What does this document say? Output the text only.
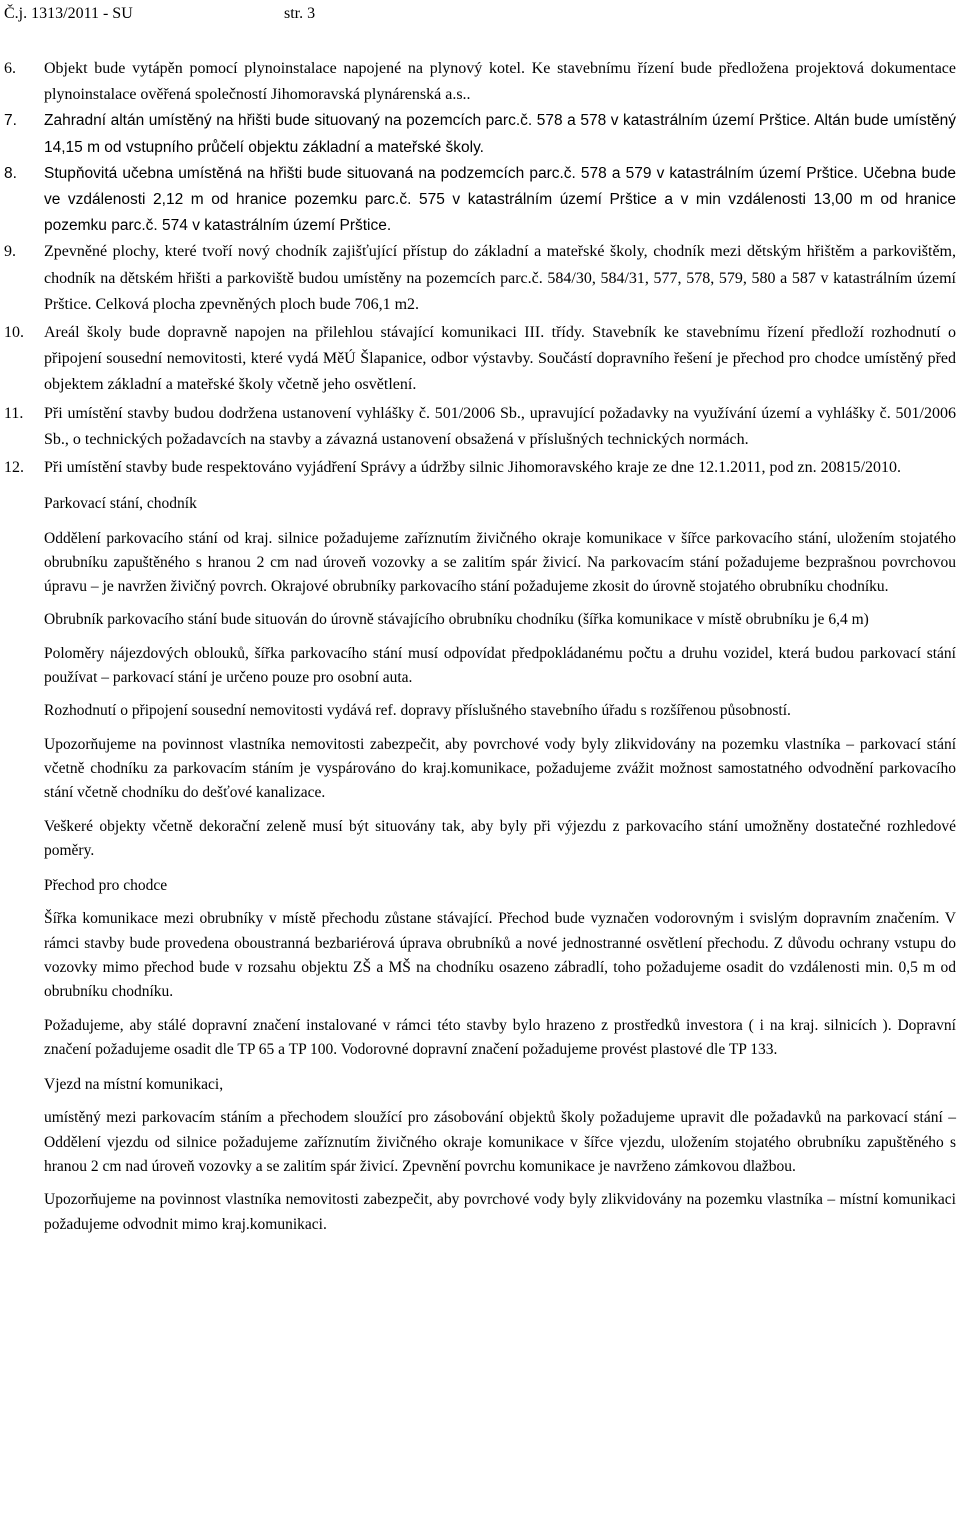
Č.j. 1313/2011 - SU	str. 3
6.	Objekt bude vytápěn pomocí plynoinstalace napojené na plynový kotel. Ke stavebnímu řízení bude předložena projektová dokumentace plynoinstalace ověřená společností Jihomoravská plynárenská a.s..
7.	Zahradní altán umístěný na hřišti bude situovaný na pozemcích parc.č. 578 a 578 v katastrálním území Prštice. Altán bude umístěný 14,15 m od vstupního průčelí objektu základní a mateřské školy.
8.	Stupňovitá učebna umístěná na hřišti bude situovaná na podzemcích parc.č. 578 a 579 v katastrálním území Prštice. Učebna bude ve vzdálenosti 2,12 m od hranice pozemku parc.č. 575 v katastrálním území Prštice a v min vzdálenosti 13,00 m od hranice pozemku parc.č. 574 v katastrálním území Prštice.
9.	Zpevněné plochy, které tvoří nový chodník zajišťující přístup do základní a mateřské školy, chodník mezi dětským hřištěm a parkovištěm, chodník na dětském hřišti a parkoviště budou umístěny na pozemcích parc.č. 584/30, 584/31, 577, 578, 579, 580 a 587 v katastrálním území Prštice. Celková plocha zpevněných ploch bude 706,1 m2.
10.	Areál školy bude dopravně napojen na přilehlou stávající komunikaci III. třídy. Stavebník ke stavebnímu řízení předloží rozhodnutí o připojení sousední nemovitosti, které vydá MěÚ Šlapanice, odbor výstavby. Součástí dopravního řešení je přechod pro chodce umístěný před objektem základní a mateřské školy včetně jeho osvětlení.
11.	Při umístění stavby budou dodržena ustanovení vyhlášky č. 501/2006 Sb., upravující požadavky na využívání území a vyhlášky č. 501/2006 Sb., o technických požadavcích na stavby a závazná ustanovení obsažená v příslušných technických normách.
12.	Při umístění stavby bude respektováno vyjádření Správy a údržby silnic Jihomoravského kraje ze dne 12.1.2011, pod zn. 20815/2010.

Parkovací stání, chodník

Oddělení parkovacího stání od kraj. silnice požadujeme zaříznutím živičného okraje komunikace v šířce parkovacího stání, uložením stojatého obrubníku zapuštěného s hranou 2 cm nad úroveň vozovky a se zalitím spár živicí. Na parkovacím stání požadujeme bezprašnou povrchovou úpravu – je navržen živičný povrch. Okrajové obrubníky parkovacího stání požadujeme zkosit do úrovně stojatého obrubníku chodníku.

Obrubník parkovacího stání bude situován do úrovně stávajícího obrubníku chodníku (šířka komunikace v místě obrubníku je 6,4 m)

Poloměry nájezdových oblouků, šířka parkovacího stání musí odpovídat předpokládanému počtu a druhu vozidel, která budou parkovací stání používat – parkovací stání je určeno pouze pro osobní auta.

Rozhodnutí o připojení sousední nemovitosti vydává ref. dopravy příslušného stavebního úřadu s rozšířenou působností.

Upozorňujeme na povinnost vlastníka nemovitosti zabezpečit, aby povrchové vody byly zlikvidovány na pozemku vlastníka – parkovací stání včetně chodníku za parkovacím stáním je vyspárováno do kraj.komunikace, požadujeme zvážit možnost samostatného odvodnění parkovacího stání včetně chodníku do dešťové kanalizace.

Veškeré objekty včetně dekorační zeleně musí být situovány tak, aby byly při výjezdu z parkovacího stání umožněny dostatečné rozhledové poměry.

Přechod pro chodce

Šířka komunikace mezi obrubníky v místě přechodu zůstane stávající. Přechod bude vyznačen vodorovným i svislým dopravním značením. V rámci stavby bude provedena oboustranná bezbariérová úprava obrubníků a nové jednostranné osvětlení přechodu. Z důvodu ochrany vstupu do vozovky mimo přechod bude v rozsahu objektu ZŠ a MŠ na chodníku osazeno zábradlí, toho požadujeme osadit do vzdálenosti min. 0,5 m od obrubníku chodníku.

Požadujeme, aby stálé dopravní značení instalované v rámci této stavby bylo hrazeno z prostředků investora ( i na kraj. silnicích ). Dopravní značení požadujeme osadit dle TP 65 a TP 100. Vodorovné dopravní značení požadujeme provést plastové dle TP 133.

Vjezd na místní komunikaci,

umístěný mezi parkovacím stáním a přechodem sloužící pro zásobování objektů školy požadujeme upravit dle požadavků na parkovací stání – Oddělení vjezdu od silnice požadujeme zaříznutím živičného okraje komunikace v šířce vjezdu, uložením stojatého obrubníku zapuštěného s hranou 2 cm nad úroveň vozovky a se zalitím spár živicí. Zpevnění povrchu komunikace je navrženo zámkovou dlažbou.

Upozorňujeme na povinnost vlastníka nemovitosti zabezpečit, aby povrchové vody byly zlikvidovány na pozemku vlastníka – místní komunikaci požadujeme odvodnit mimo kraj.komunikaci.
